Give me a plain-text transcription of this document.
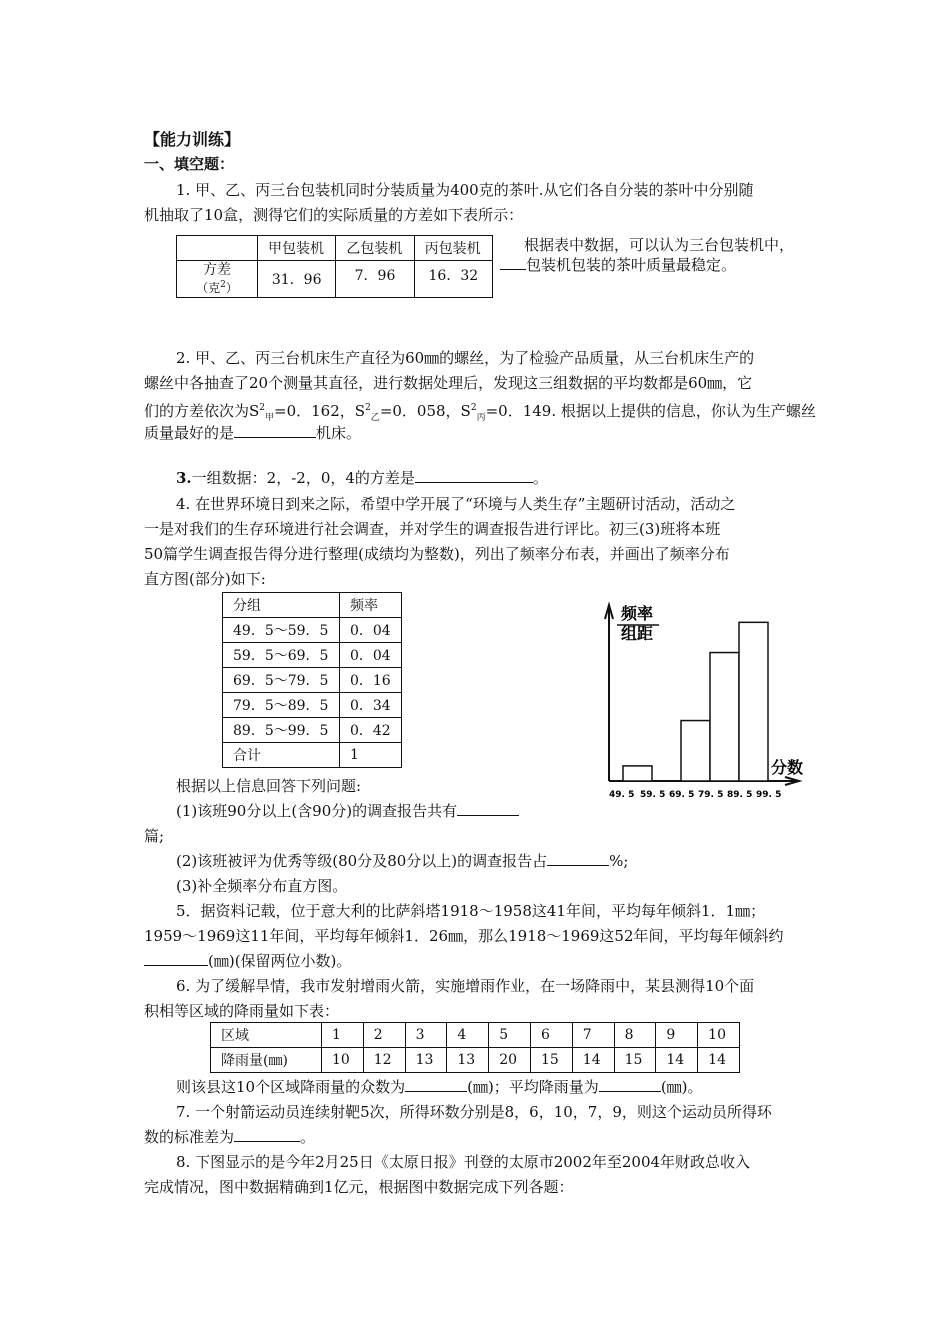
【能力训练】
一、填空题：
1. 甲、乙、丙三台包装机同时分装质量为400克的茶叶.从它们各自分装的茶叶中分别随
机抽取了10盒，测得它们的实际质量的方差如下表所示：
	甲包装机	乙包装机	丙包装机

方差
（克$^2$）	31．96	7．96	16．32
根据表中数据，可以认为三台包装机中，
包装机包装的茶叶质量最稳定。
2. 甲、乙、丙三台机床生产直径为60㎜的螺丝，为了检验产品质量，从三台机床生产的
螺丝中各抽查了20个测量其直径，进行数据处理后，发现这三组数据的平均数都是60㎜，它
们的方差依次为$S^2_甲=0$．162，$S^2_乙=0$．058，$S^2_丙=0$．149. 根据以上提供的信息，你认为生产螺丝
质量最好的是	机床。
3.一组数据：2，-2，0，4的方差是	。
4. 在世界环境日到来之际，希望中学开展了“环境与人类生存”主题研讨活动，活动之
一是对我们的生存环境进行社会调查，并对学生的调查报告进行评比。初三(3)班将本班
50篇学生调查报告得分进行整理(成绩均为整数)，列出了频率分布表，并画出了频率分布
直方图(部分)如下:
分组	频率
49．5～59．5	0．04
59．5～69．5	0．04
69．5～79．5	0．16
79．5～89．5	0．34
89．5～99．5	0．42
合计	1
频率
组距
分数
49. 5 59. 5 69. 5 79. 5 89. 5 99. 5
根据以上信息回答下列问题:
(1)该班90分以上(含90分)的调查报告共有
篇;
(2)该班被评为优秀等级(80分及80分以上)的调查报告占	%;
(3)补全频率分布直方图。
5．据资料记载，位于意大利的比萨斜塔1918～1958这41年间，平均每年倾斜1．1㎜；
1959～1969这11年间，平均每年倾斜1．26㎜，那么1918～1969这52年间，平均每年倾斜约
(㎜)(保留两位小数)。
6. 为了缓解旱情，我市发射增雨火箭，实施增雨作业，在一场降雨中，某县测得10个面
积相等区域的降雨量如下表：
区域	1	2	3	4	5	6	7	8	9	10
降雨量(㎜)	10	12	13	13	20	15	14	15	14	14
则该县这10个区域降雨量的众数为	(㎜)；平均降雨量为	(㎜)。
7. 一个射箭运动员连续射靶5次，所得环数分别是8，6，10，7，9，则这个运动员所得环
数的标准差为	。
8. 下图显示的是今年2月25日《太原日报》刊登的太原市2002年至2004年财政总收入
完成情况，图中数据精确到1亿元，根据图中数据完成下列各题：
